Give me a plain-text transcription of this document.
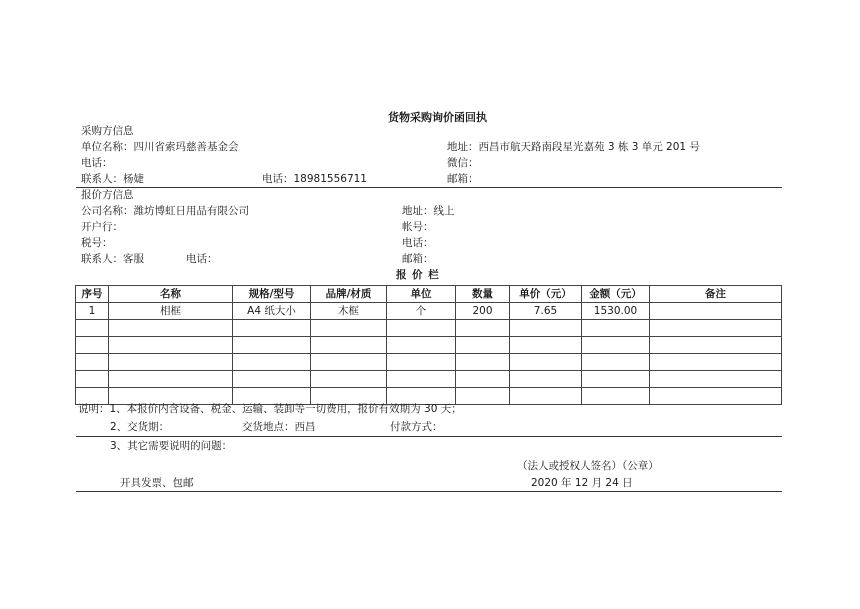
货物采购询价函回执
采购方信息
单位名称：四川省索玛慈善基金会	地址：西昌市航天路南段星光嘉苑 3 栋 3 单元 201 号
电话：	微信：
联系人：杨婕	电话：18981556711	邮箱：
报价方信息
公司名称：潍坊博虹日用品有限公司	地址：线上
开户行：	帐号：
税号：	电话：
联系人：客服	电话：	邮箱：
报 价 栏
序号	名称	规格/型号	品牌/材质	单位	数量	单价（元）	金额（元）	备注
1	相框	A4 纸大小	木框	个	200	7.65	1530.00	

说明：1、本报价内含设备、税金、运输、装卸等一切费用，报价有效期为 30 天；
2、交货期：	交货地点：西昌	付款方式：
3、其它需要说明的问题：
（法人或授权人签名）（公章）
开具发票、包邮	2020 年 12 月 24 日
